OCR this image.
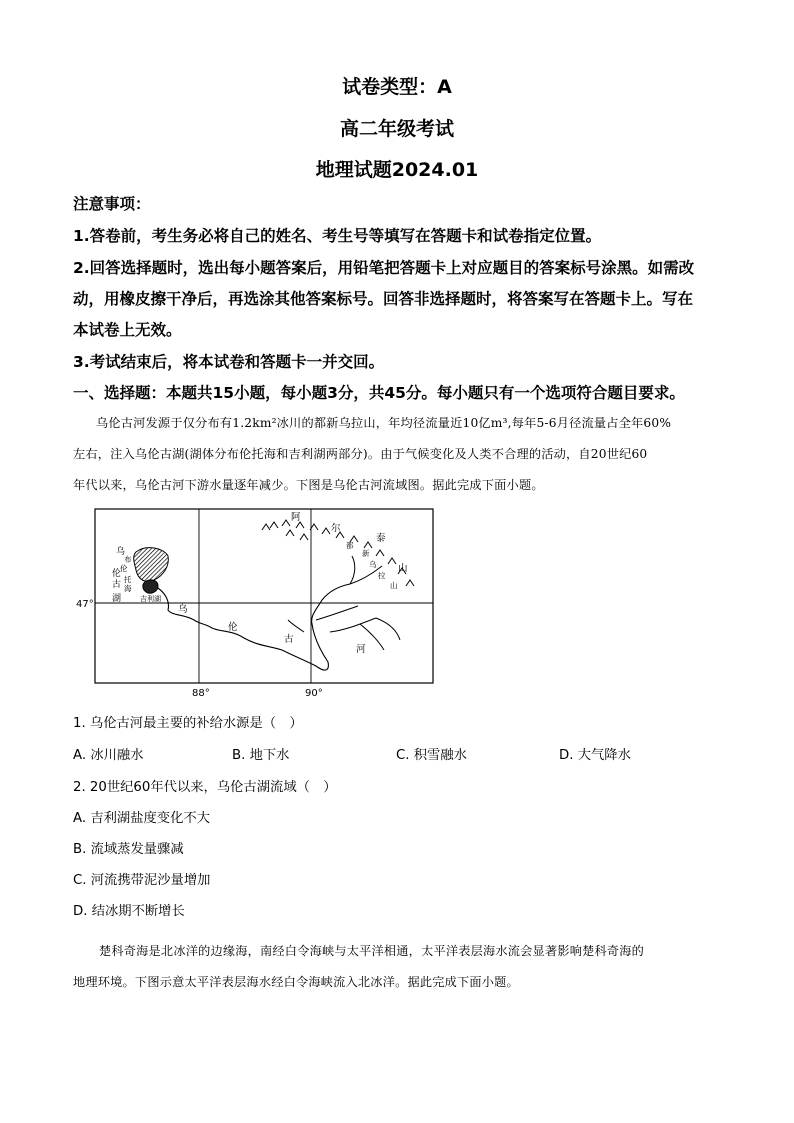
试卷类型：A
高二年级考试
地理试题2024.01
注意事项：
1.答卷前，考生务必将自己的姓名、考生号等填写在答题卡和试卷指定位置。
2.回答选择题时，选出每小题答案后，用铅笔把答题卡上对应题目的答案标号涂黑。如需改
动，用橡皮擦干净后，再选涂其他答案标号。回答非选择题时，将答案写在答题卡上。写在
本试卷上无效。
3.考试结束后，将本试卷和答题卡一并交回。
一、选择题：本题共15小题，每小题3分，共45分。每小题只有一个选项符合题目要求。
乌伦古河发源于仅分布有1.2km²冰川的都新乌拉山，年均径流量近10亿m³,每年5-6月径流量占全年60%
左右，注入乌伦古湖(湖体分布伦托海和吉利湖两部分)。由于气候变化及人类不合理的活动，自20世纪60
年代以来，乌伦古河下游水量逐年减少。下图是乌伦古河流域图。据此完成下面小题。
47°
88°	90°
乌
伦
古
湖
布
伦
托
海
吉利湖
阿
尔
泰
山
都
新
乌
拉
山
乌
伦
古
河
1. 乌伦古河最主要的补给水源是（　）
A. 冰川融水	B. 地下水	C. 积雪融水	D. 大气降水
2. 20世纪60年代以来，乌伦古湖流域（　）
A. 吉利湖盐度变化不大
B. 流域蒸发量骤减
C. 河流携带泥沙量增加
D. 结冰期不断增长
楚科奇海是北冰洋的边缘海，南经白令海峡与太平洋相通，太平洋表层海水流会显著影响楚科奇海的
地理环境。下图示意太平洋表层海水经白令海峡流入北冰洋。据此完成下面小题。
